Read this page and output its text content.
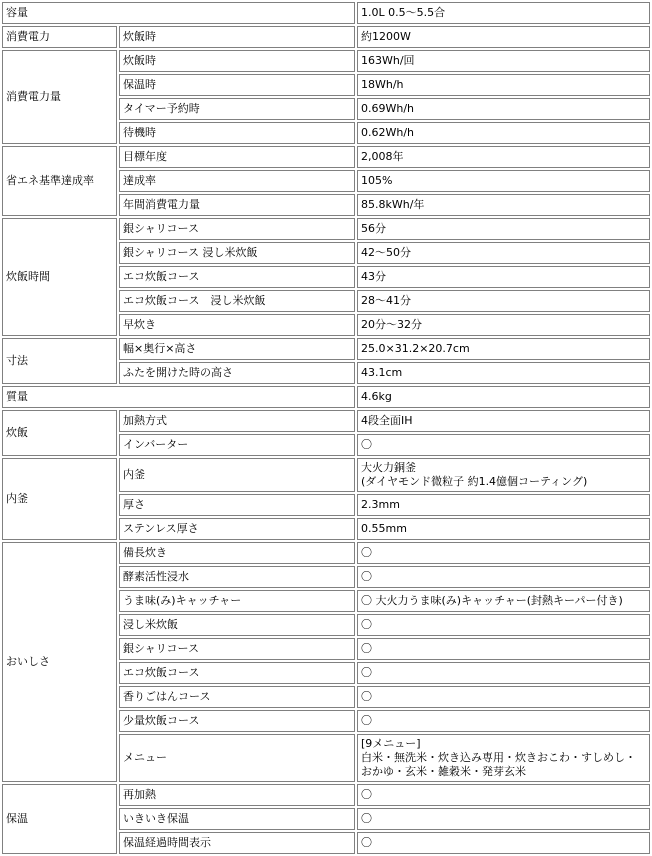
容量		1.0L 0.5〜5.5合
消費電力	炊飯時	約1200W
消費電力量	炊飯時	163Wh/回
	保温時	18Wh/h
	タイマー予約時	0.69Wh/h
	待機時	0.62Wh/h
省エネ基準達成率	目標年度	2,008年
	達成率	105%
	年間消費電力量	85.8kWh/年
炊飯時間	銀シャリコース	56分
	銀シャリコース 浸し米炊飯	42〜50分
	エコ炊飯コース	43分
	エコ炊飯コース　浸し米炊飯	28〜41分
	早炊き	20分〜32分
寸法	幅×奥行×高さ	25.0×31.2×20.7cm
	ふたを開けた時の高さ	43.1cm
質量		4.6kg
炊飯	加熱方式	4段全面IH
	インバーター	〇
内釜	内釜	大火力銅釜
(ダイヤモンド微粒子 約1.4億個コーティング)

	厚さ	2.3mm
	ステンレス厚さ	0.55mm
おいしさ	備長炊き	〇
	酵素活性浸水	〇
	うま味(み)キャッチャー	〇 大火力うま味(み)キャッチャー(封熱キーパー付き)
	浸し米炊飯	〇
	銀シャリコース	〇
	エコ炊飯コース	〇
	香りごはんコース	〇
	少量炊飯コース	〇
	メニュー	[9メニュー]
白米・無洗米・炊き込み専用・炊きおこわ・すしめし・
おかゆ・玄米・雑穀米・発芽玄米

保温	再加熱	〇
	いきいき保温	〇
	保温経過時間表示	〇
